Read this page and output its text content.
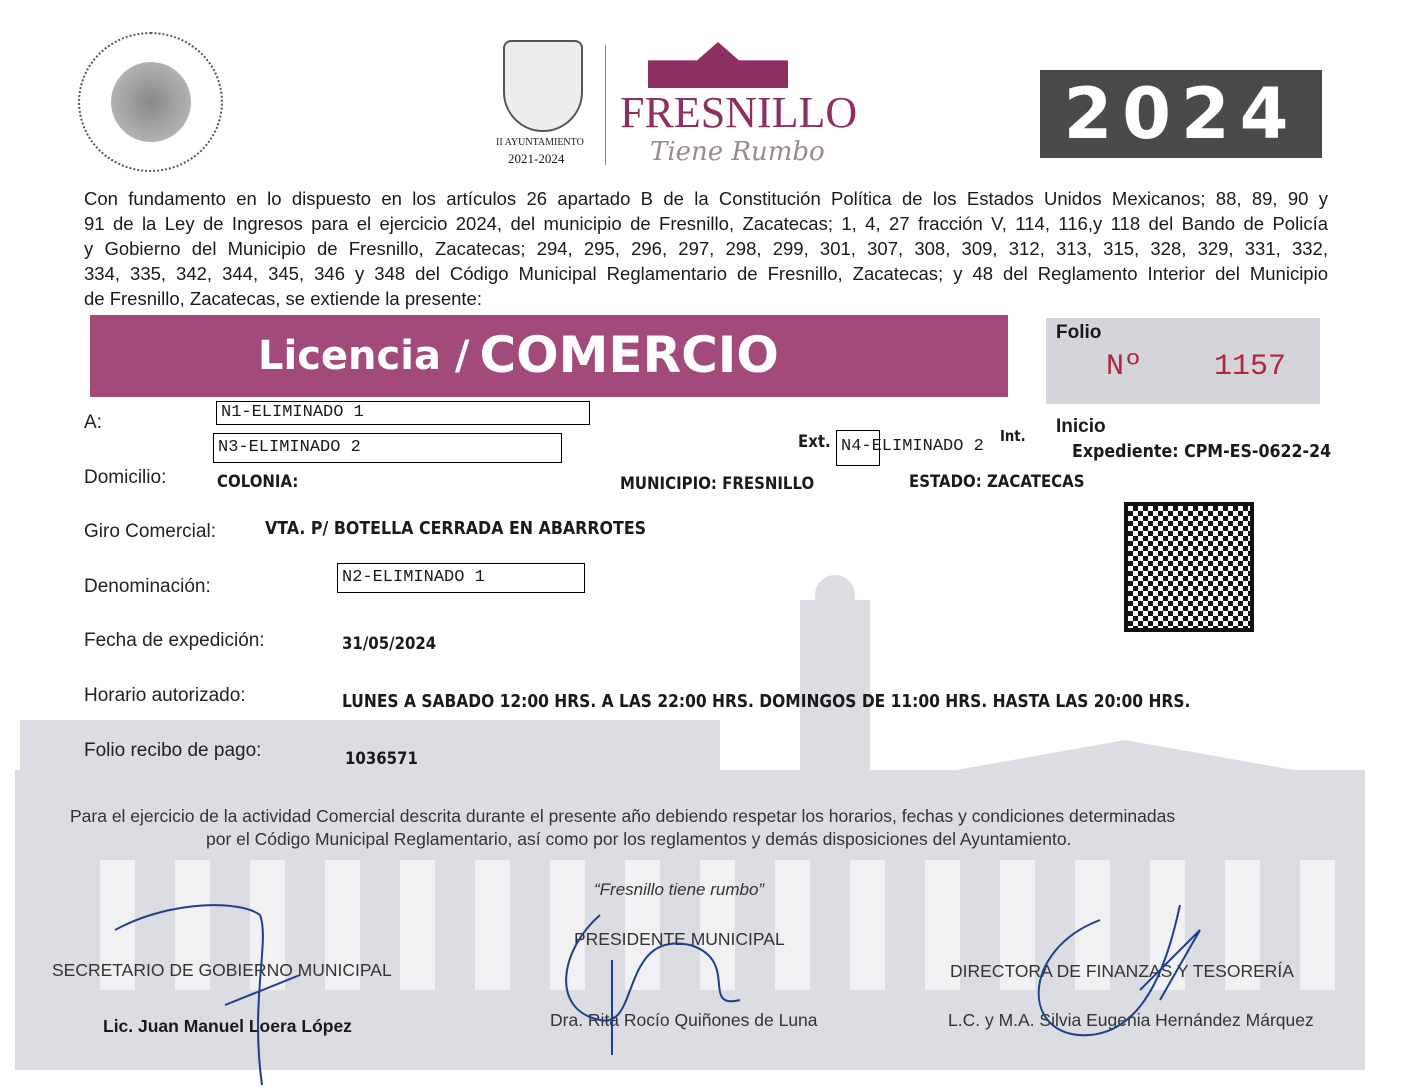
II AYUNTAMIENTO
2021-2024
FRESNILLO
Tiene Rumbo	2024
Con fundamento en lo dispuesto en los artículos 26 apartado B de la Constitución Política de los Estados Unidos Mexicanos; 88, 89, 90 y
91 de la Ley de Ingresos para el ejercicio 2024, del municipio de Fresnillo, Zacatecas; 1, 4, 27 fracción V, 114, 116,y 118 del Bando de Policía
y Gobierno del Municipio de Fresnillo, Zacatecas; 294, 295, 296, 297, 298, 299, 301, 307, 308, 309, 312, 313, 315, 328, 329, 331, 332,
334, 335, 342, 344, 345, 346 y 348 del Código Municipal Reglamentario de Fresnillo, Zacatecas; y 48 del Reglamento Interior del Municipio
de Fresnillo, Zacatecas, se extiende la presente:
Licencia / COMERCIO	Folio
Nº 1157
Inicio
Expediente: CPM-ES-0622-24
A:	N1-ELIMINADO 1
N3-ELIMINADO 2	Ext. N4-ELIMINADO 2
Int.
Domicilio:	COLONIA:	MUNICIPIO: FRESNILLO	ESTADO: ZACATECAS
Giro Comercial:	VTA. P/ BOTELLA CERRADA EN ABARROTES
Denominación:	N2-ELIMINADO 1
Fecha de expedición:	31/05/2024
Horario autorizado:	LUNES A SABADO 12:00 HRS. A LAS 22:00 HRS. DOMINGOS DE 11:00 HRS. HASTA LAS 20:00 HRS.
Folio recibo de pago:	1036571
Para el ejercicio de la actividad Comercial descrita durante el presente año debiendo respetar los horarios, fechas y condiciones determinadas
por el Código Municipal Reglamentario, así como por los reglamentos y demás disposiciones del Ayuntamiento.
“Fresnillo tiene rumbo”
SECRETARIO DE GOBIERNO MUNICIPAL
Lic. Juan Manuel Loera López
PRESIDENTE MUNICIPAL
Dra. Rita Rocío Quiñones de Luna
DIRECTORA DE FINANZAS Y TESORERÍA
L.C. y M.A. Silvia Eugenia Hernández Márquez
